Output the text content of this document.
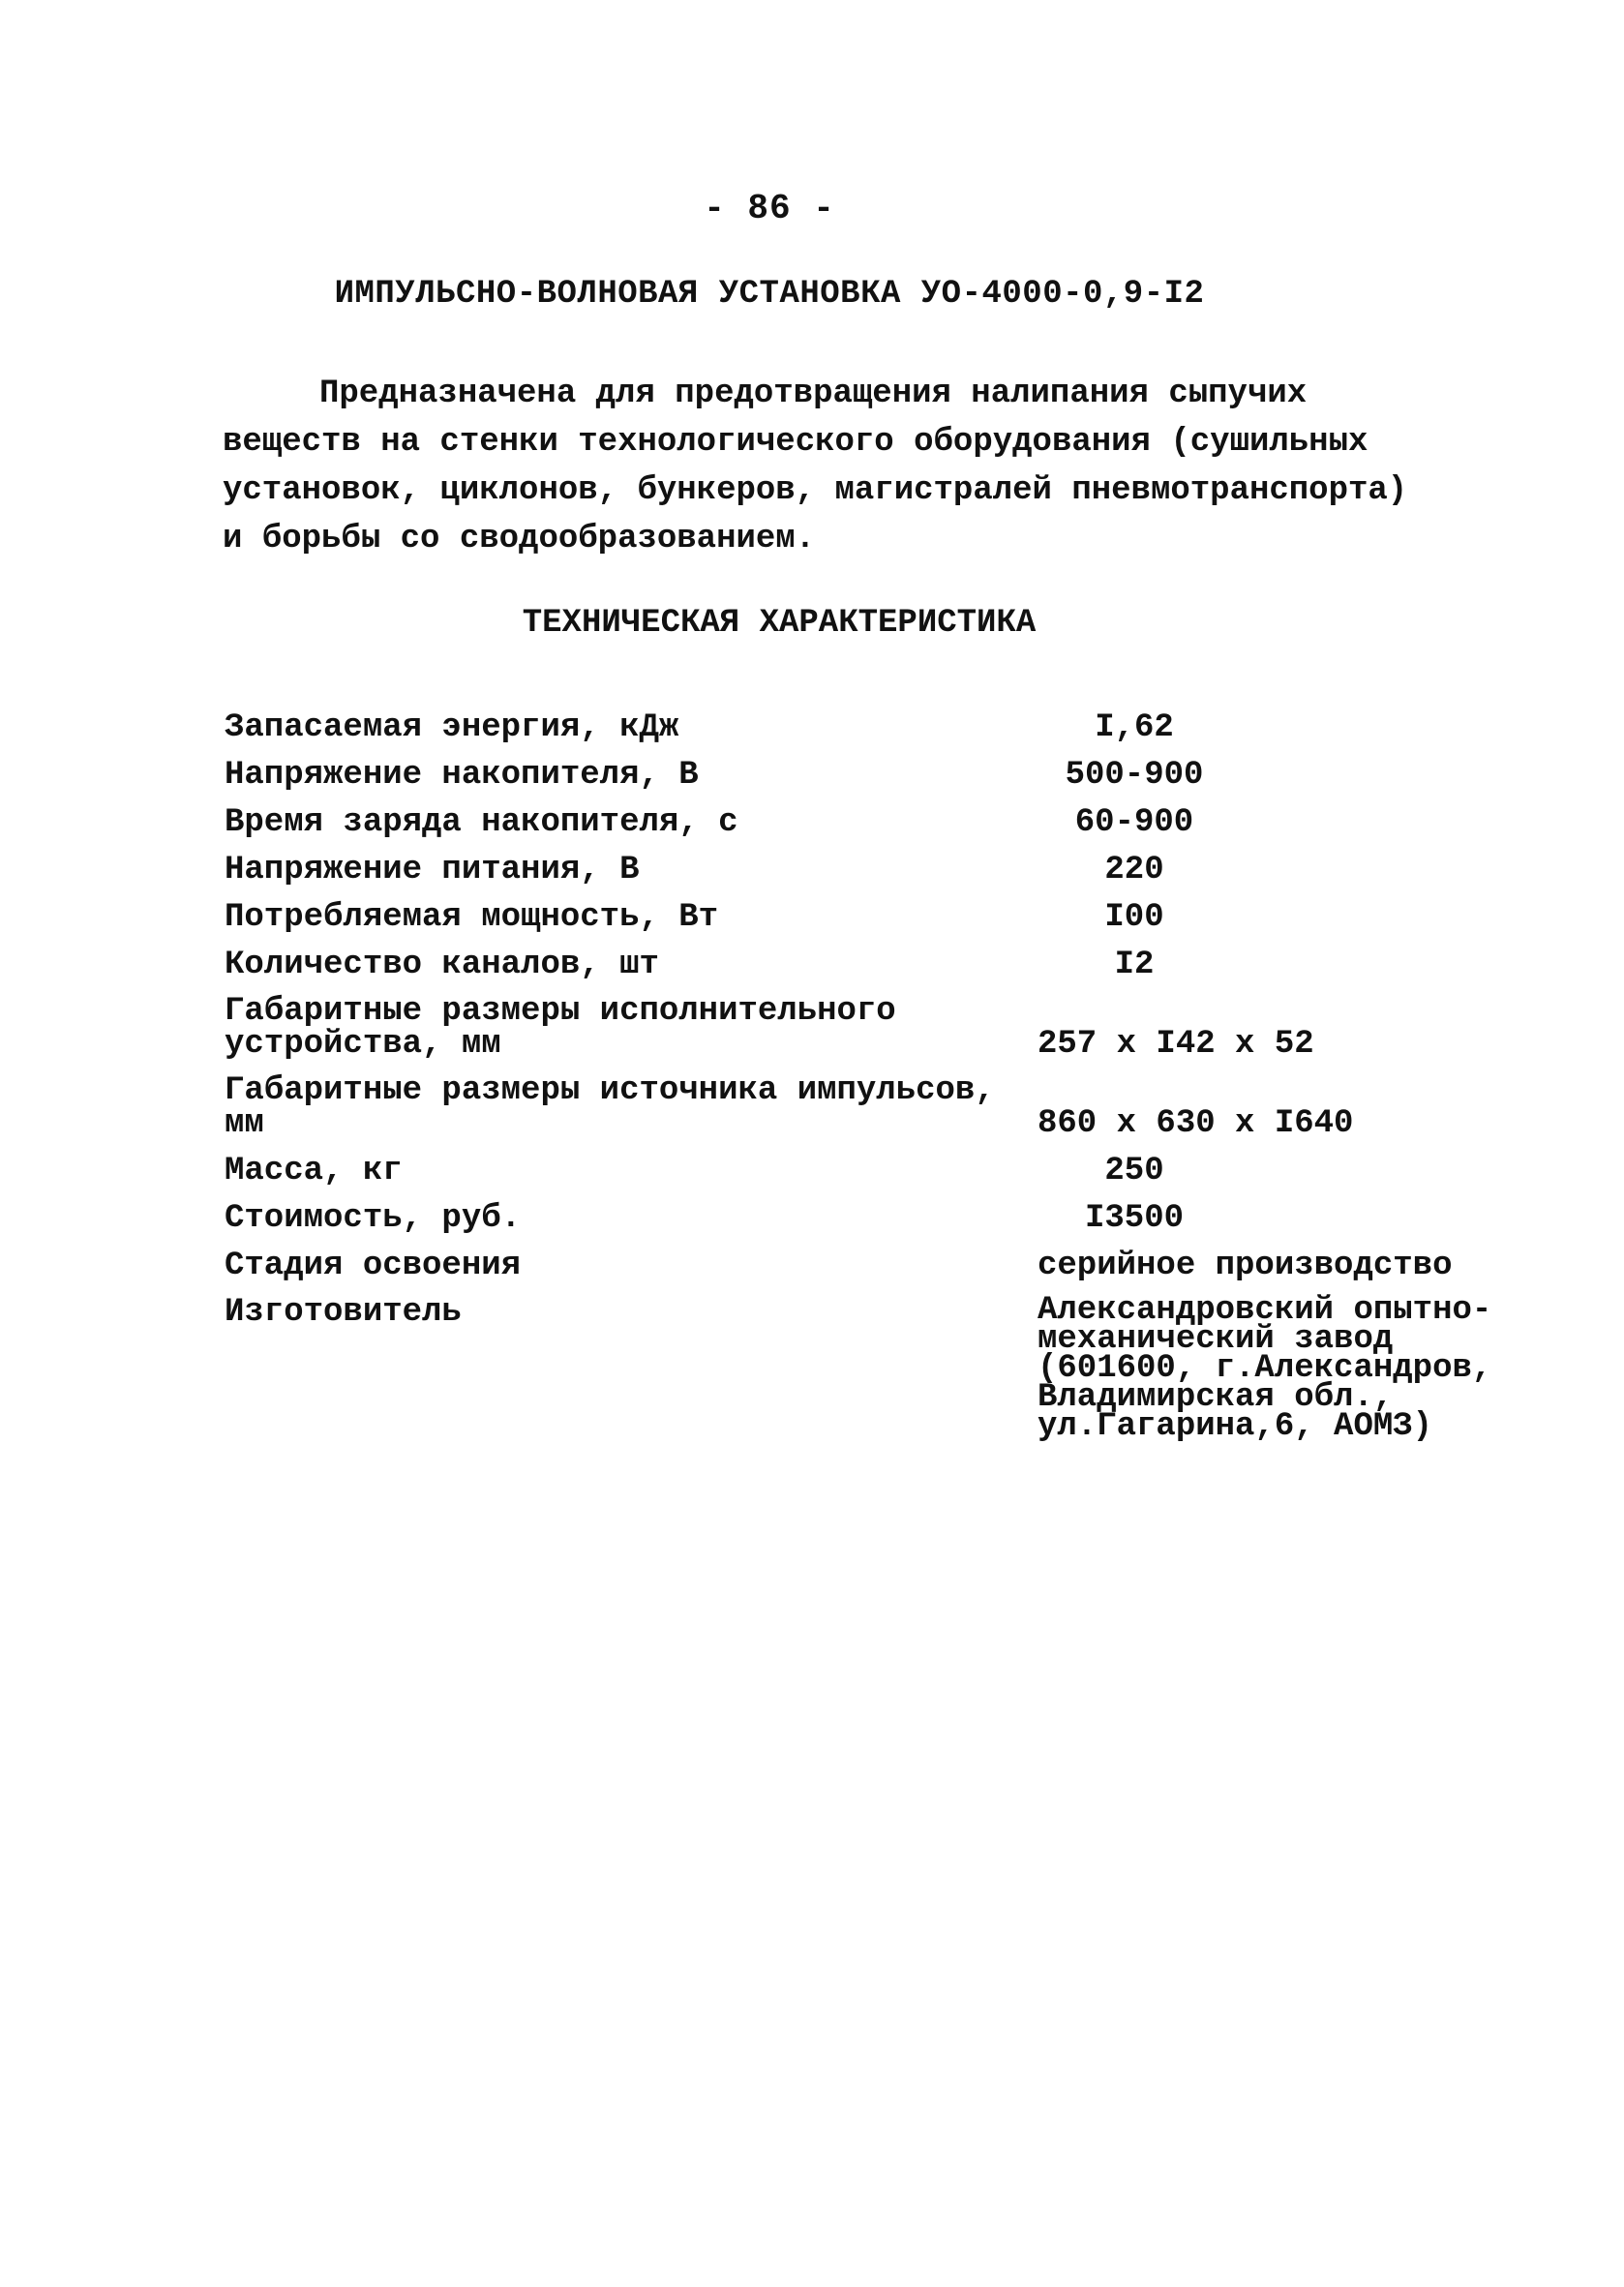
- 86 -
ИМПУЛЬСНО-ВОЛНОВАЯ УСТАНОВКА УО-4000-0,9-I2

Предназначена для предотвращения налипания сыпучих веществ на стенки технологического оборудования (сушильных установок, циклонов, бункеров, магистралей пневмотранспорта) и борьбы со сводообразованием.

ТЕХНИЧЕСКАЯ ХАРАКТЕРИСТИКА
Запасаемая энергия, кДж	I,62
Напряжение накопителя, В	500-900
Время заряда накопителя, с	60-900
Напряжение питания, В	220
Потребляемая мощность, Вт	I00
Количество каналов, шт	I2
Габаритные размеры исполнительного устройства, мм	257 х I42 х 52
Габаритные размеры источника импульсов, мм	860 х 630 х I640
Масса, кг	250
Стоимость, руб.	I3500
Стадия освоения	серийное производство
Изготовитель	Александровский опытно-механический завод (601600, г.Александров, Владимирская обл., ул.Гагарина,6, АОМЗ)
